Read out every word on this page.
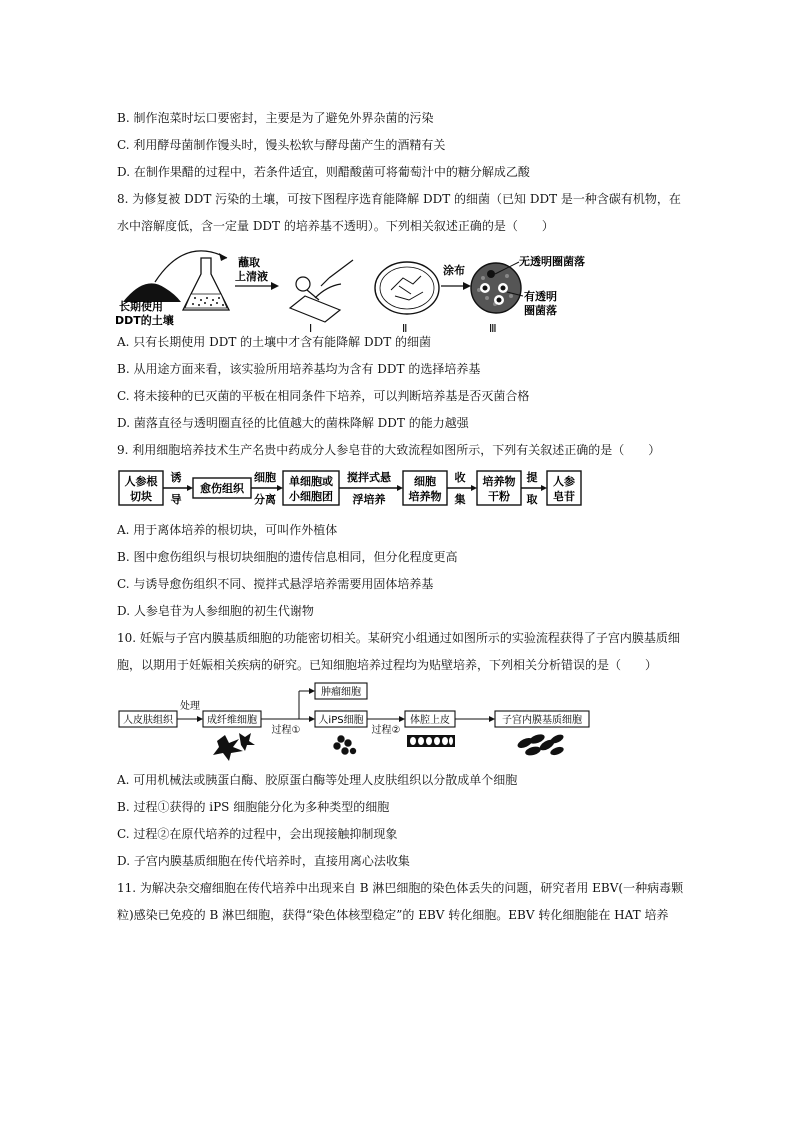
B. 制作泡菜时坛口要密封，主要是为了避免外界杂菌的污染
C. 利用酵母菌制作馒头时，馒头松软与酵母菌产生的酒精有关
D. 在制作果醋的过程中，若条件适宜，则醋酸菌可将葡萄汁中的糖分解成乙酸
8. 为修复被 DDT 污染的土壤，可按下图程序选育能降解 DDT 的细菌（已知 DDT 是一种含碳有机物，在
水中溶解度低，含一定量 DDT 的培养基不透明）。下列相关叙述正确的是（　　）
长期使用
DDT的土壤
蘸取
上清液
Ⅰ	Ⅱ
涂布
无透明圈菌落
有透明
圈菌落
Ⅲ
A. 只有长期使用 DDT 的土壤中才含有能降解 DDT 的细菌
B. 从用途方面来看，该实验所用培养基均为含有 DDT 的选择培养基
C. 将未接种的已灭菌的平板在相同条件下培养，可以判断培养基是否灭菌合格
D. 菌落直径与透明圈直径的比值越大的菌株降解 DDT 的能力越强
9. 利用细胞培养技术生产名贵中药成分人参皂苷的大致流程如图所示，下列有关叙述正确的是（　　）
人参根
切块
诱
导
愈伤组织
细胞
分离
单细胞或
小细胞团
搅拌式悬
浮培养
细胞
培养物
收
集
培养物
干粉
提
取
人参
皂苷
A. 用于离体培养的根切块，可叫作外植体
B. 图中愈伤组织与根切块细胞的遗传信息相同，但分化程度更高
C. 与诱导愈伤组织不同、搅拌式悬浮培养需要用固体培养基
D. 人参皂苷为人参细胞的初生代谢物
10. 妊娠与子宫内膜基质细胞的功能密切相关。某研究小组通过如图所示的实验流程获得了子宫内膜基质细
胞，以期用于妊娠相关疾病的研究。已知细胞培养过程均为贴壁培养，下列相关分析错误的是（　　）
人皮肤组织	成纤维细胞
肿瘤细胞
人iPS细胞	体腔上皮	子宫内膜基质细胞
处理
过程①	过程②
A. 可用机械法或胰蛋白酶、胶原蛋白酶等处理人皮肤组织以分散成单个细胞
B. 过程①获得的 iPS 细胞能分化为多种类型的细胞
C. 过程②在原代培养的过程中，会出现接触抑制现象
D. 子宫内膜基质细胞在传代培养时，直接用离心法收集
11. 为解决杂交瘤细胞在传代培养中出现来自 B 淋巴细胞的染色体丢失的问题，研究者用 EBV(一种病毒颗
粒)感染已免疫的 B 淋巴细胞，获得“染色体核型稳定”的 EBV 转化细胞。EBV 转化细胞能在 HAT 培养
